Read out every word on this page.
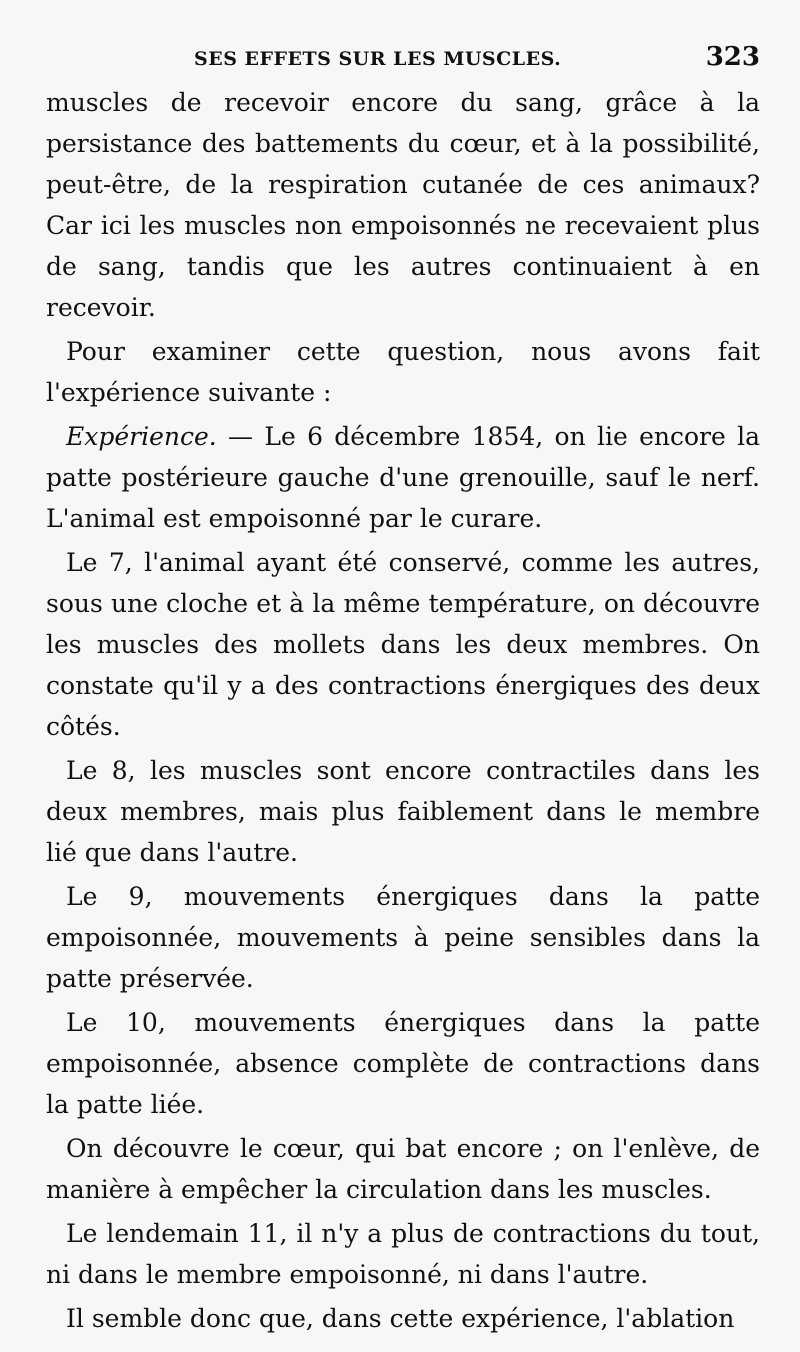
SES EFFETS SUR LES MUSCLES.	323

muscles de recevoir encore du sang, grâce à la persistance des battements du cœur, et à la possibilité, peut-être, de la respiration cutanée de ces animaux? Car ici les muscles non empoisonnés ne recevaient plus de sang, tandis que les autres continuaient à en recevoir.

Pour examiner cette question, nous avons fait l'expérience suivante :

Expérience. — Le 6 décembre 1854, on lie encore la patte postérieure gauche d'une grenouille, sauf le nerf. L'animal est empoisonné par le curare.

Le 7, l'animal ayant été conservé, comme les autres, sous une cloche et à la même température, on découvre les muscles des mollets dans les deux membres. On constate qu'il y a des contractions énergiques des deux côtés.

Le 8, les muscles sont encore contractiles dans les deux membres, mais plus faiblement dans le membre lié que dans l'autre.

Le 9, mouvements énergiques dans la patte empoisonnée, mouvements à peine sensibles dans la patte préservée.

Le 10, mouvements énergiques dans la patte empoisonnée, absence complète de contractions dans la patte liée.

On découvre le cœur, qui bat encore ; on l'enlève, de manière à empêcher la circulation dans les muscles.

Le lendemain 11, il n'y a plus de contractions du tout, ni dans le membre empoisonné, ni dans l'autre.

Il semble donc que, dans cette expérience, l'ablation
